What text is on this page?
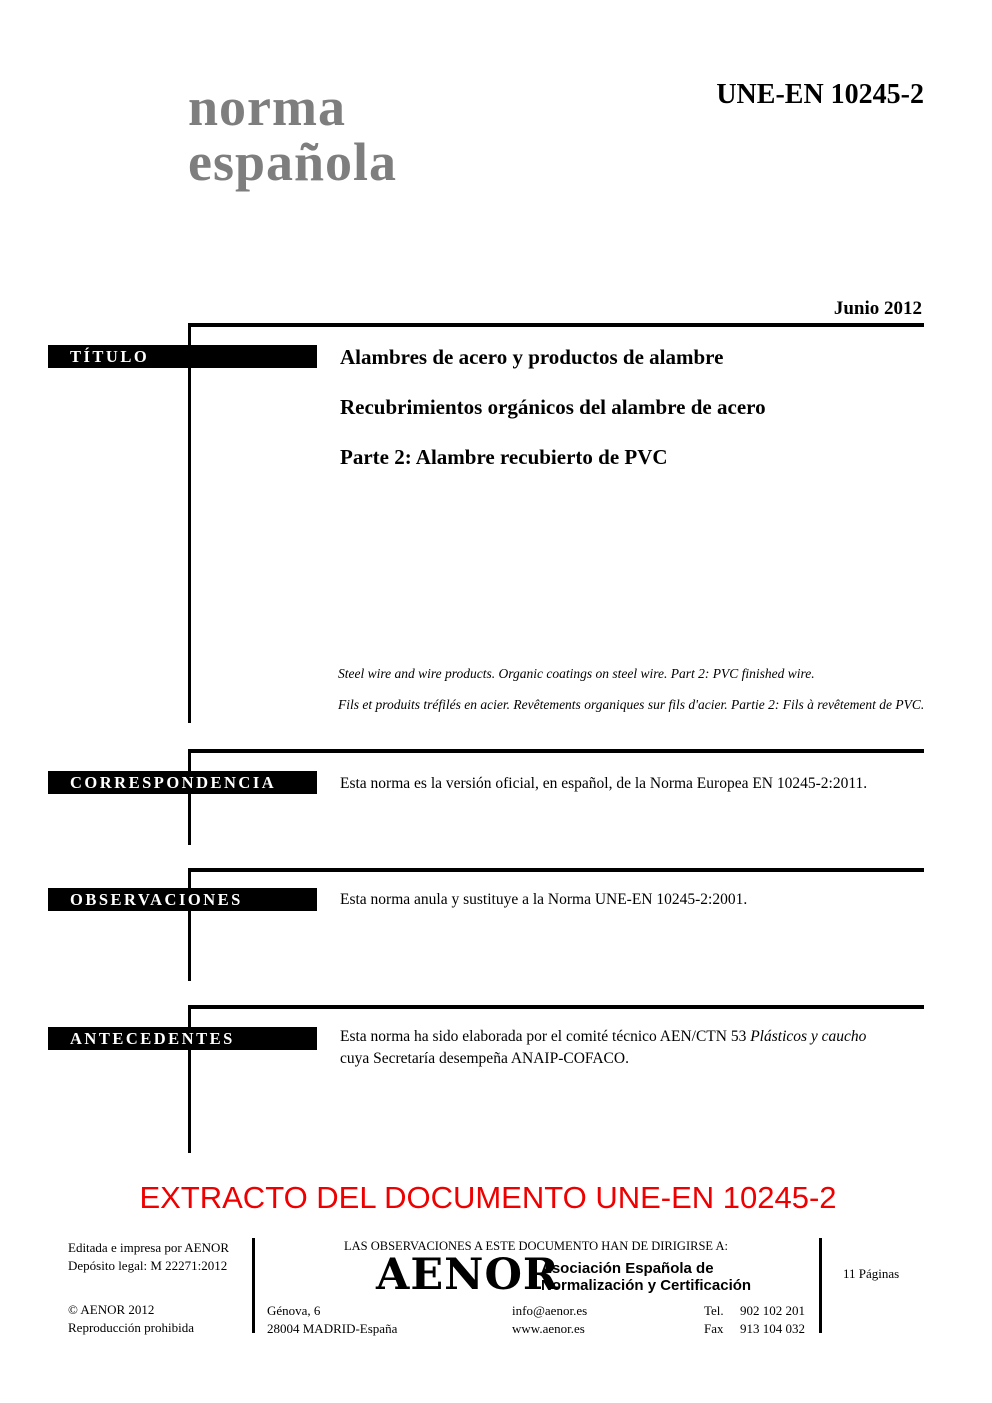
norma
española
UNE-EN 10245-2
Junio 2012
TÍTULO	Alambres de acero y productos de alambre
Recubrimientos orgánicos del alambre de acero
Parte 2: Alambre recubierto de PVC
Steel wire and wire products. Organic coatings on steel wire. Part 2: PVC finished wire.
Fils et produits tréfilés en acier. Revêtements organiques sur fils d'acier. Partie 2: Fils à revêtement de PVC.
CORRESPONDENCIA	Esta norma es la versión oficial, en español, de la Norma Europea EN 10245-2:2011.
OBSERVACIONES	Esta norma anula y sustituye a la Norma UNE-EN 10245-2:2001.
ANTECEDENTES	Esta norma ha sido elaborada por el comité técnico AEN/CTN 53 Plásticos y caucho
cuya Secretaría desempeña ANAIP-COFACO.
EXTRACTO DEL DOCUMENTO UNE-EN 10245-2
Editada e impresa por AENOR
Depósito legal: M 22271:2012
© AENOR 2012
Reproducción prohibida
LAS OBSERVACIONES A ESTE DOCUMENTO HAN DE DIRIGIRSE A:
AENOR
Asociación Española de
Normalización y Certificación
11 Páginas
Génova, 6
28004 MADRID-España
info@aenor.es
www.aenor.es
Tel.	902 102 201
Fax	913 104 032
